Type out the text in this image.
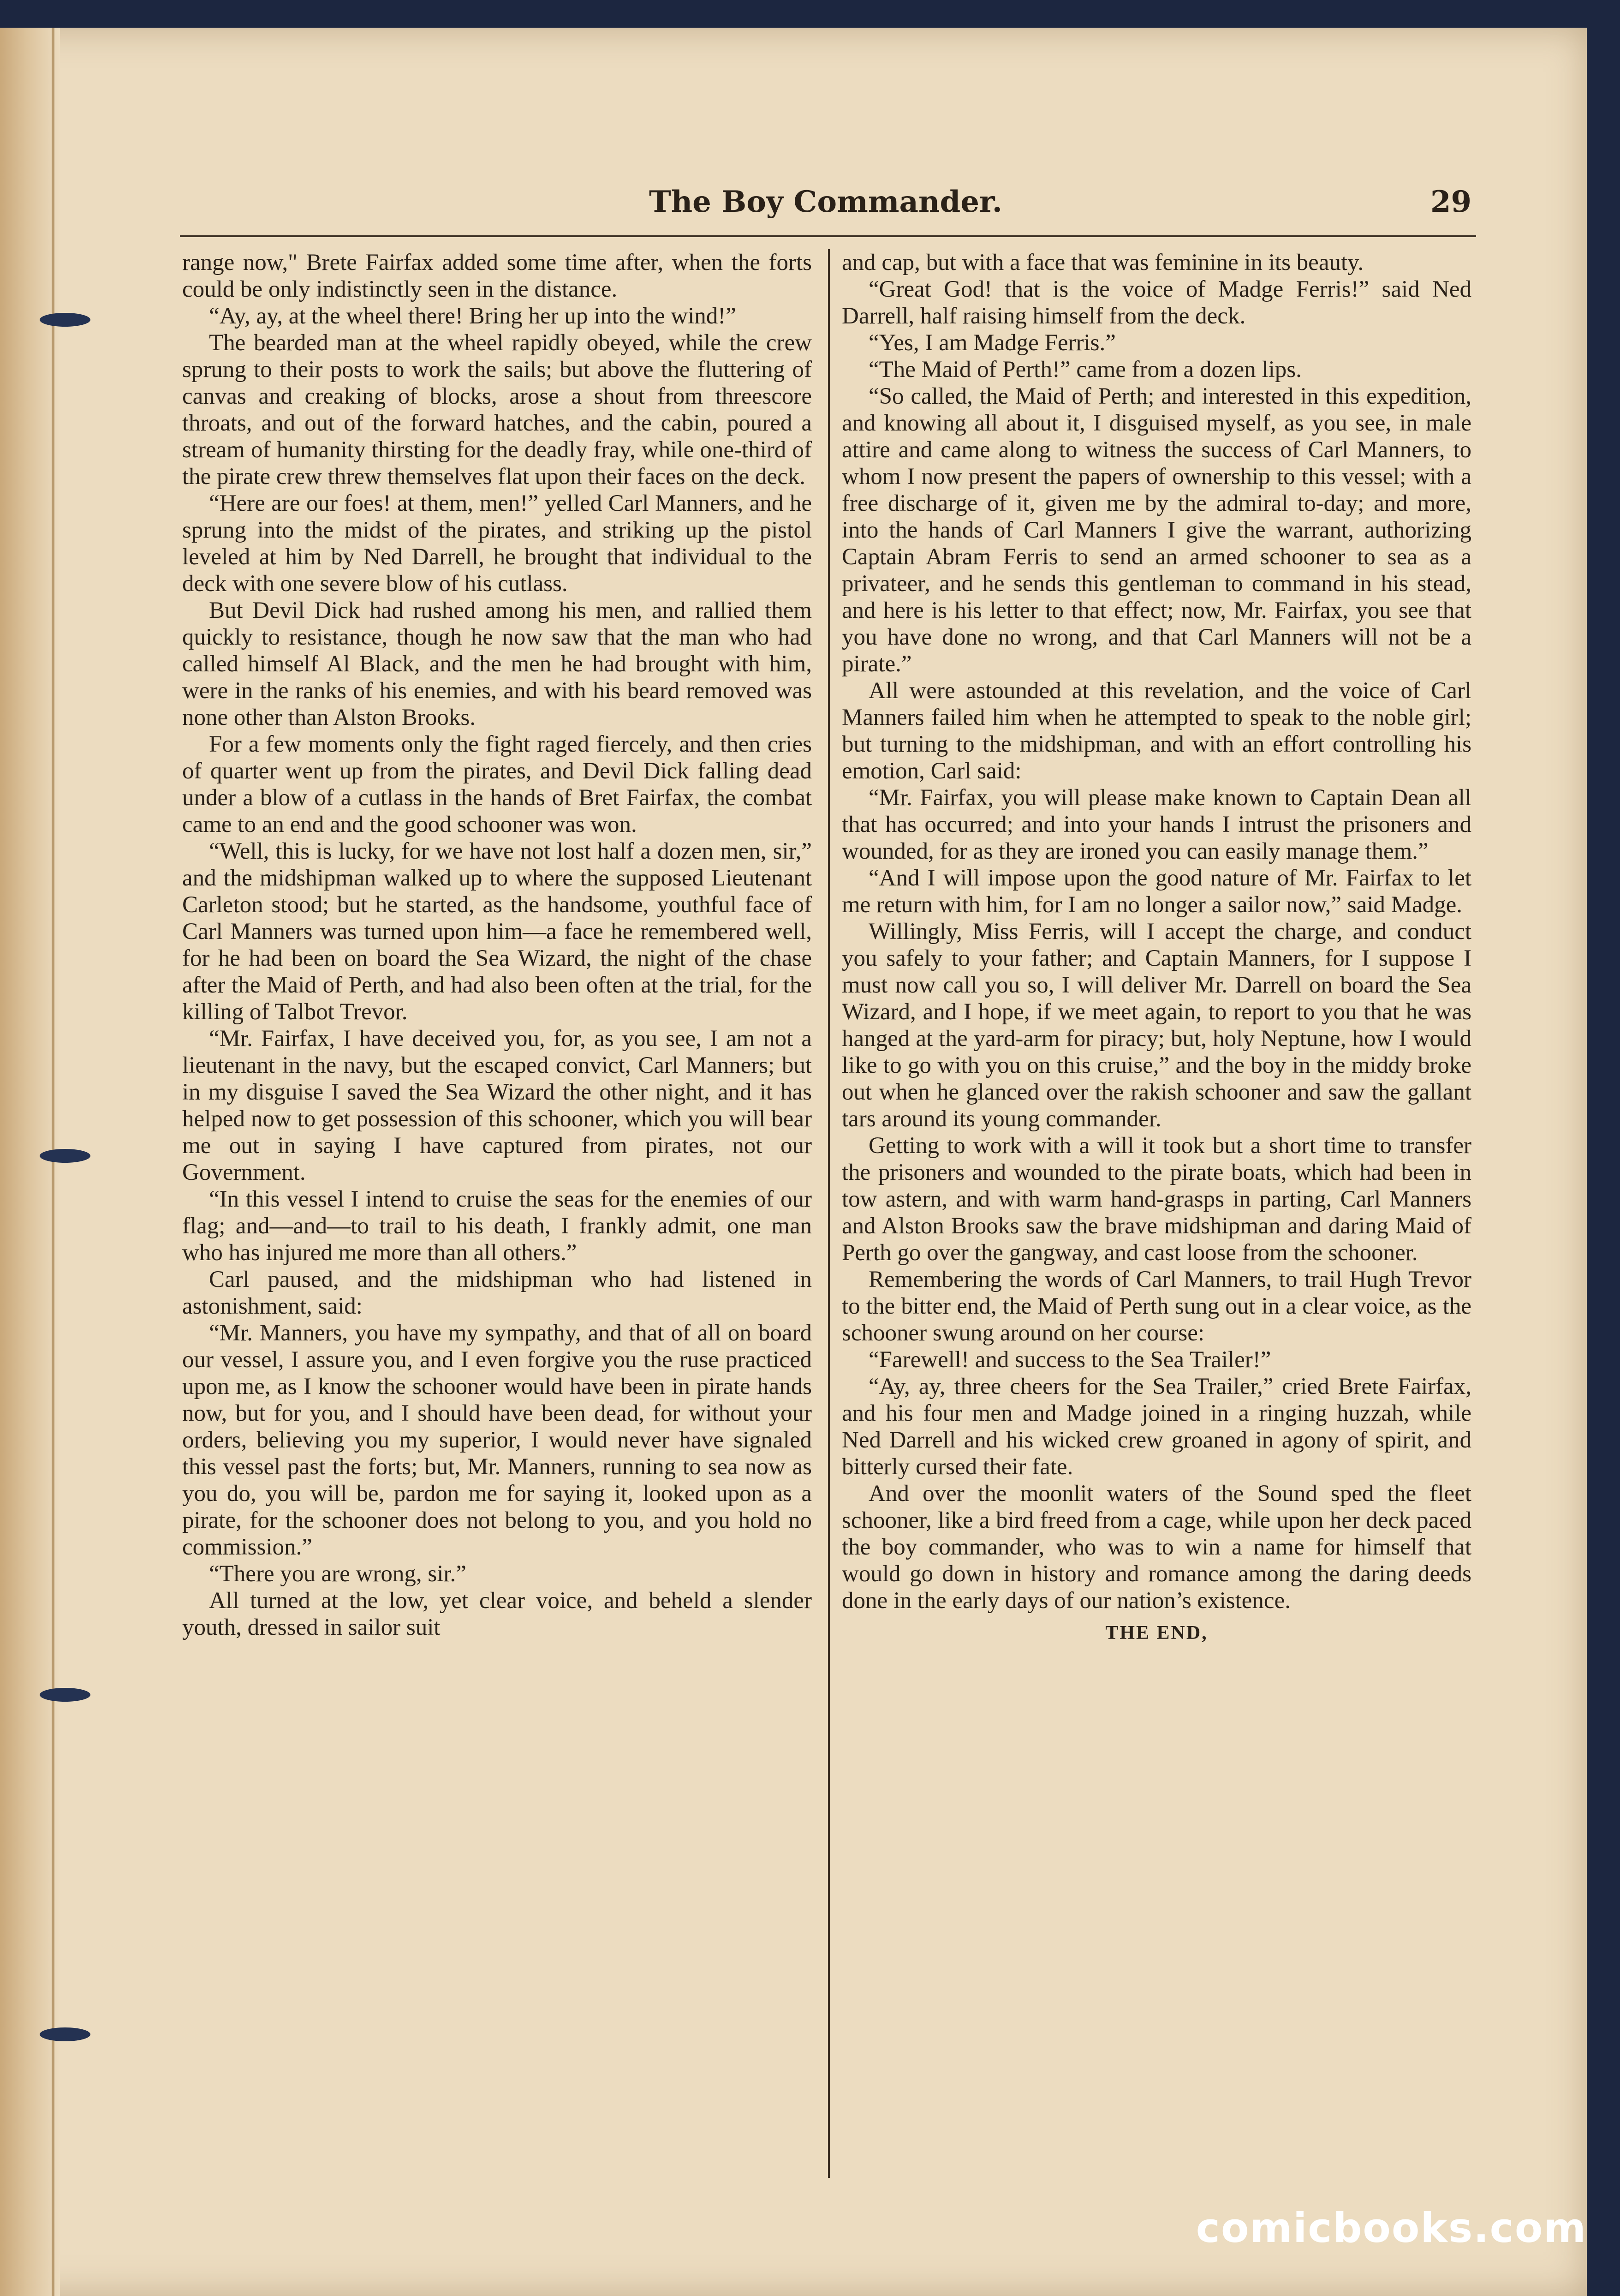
The Boy Commander.	29

range now," Brete Fairfax added some time after, when the forts could be only indistinctly seen in the distance.

“Ay, ay, at the wheel there! Bring her up into the wind!”

The bearded man at the wheel rapidly obeyed, while the crew sprung to their posts to work the sails; but above the fluttering of canvas and creaking of blocks, arose a shout from threescore throats, and out of the forward hatches, and the cabin, poured a stream of humanity thirsting for the deadly fray, while one-third of the pirate crew threw themselves flat upon their faces on the deck.

“Here are our foes! at them, men!” yelled Carl Manners, and he sprung into the midst of the pirates, and striking up the pistol leveled at him by Ned Darrell, he brought that individual to the deck with one severe blow of his cutlass.

But Devil Dick had rushed among his men, and rallied them quickly to resistance, though he now saw that the man who had called himself Al Black, and the men he had brought with him, were in the ranks of his enemies, and with his beard removed was none other than Alston Brooks.

For a few moments only the fight raged fiercely, and then cries of quarter went up from the pirates, and Devil Dick falling dead under a blow of a cutlass in the hands of Bret Fairfax, the combat came to an end and the good schooner was won.

“Well, this is lucky, for we have not lost half a dozen men, sir,” and the midshipman walked up to where the supposed Lieutenant Carleton stood; but he started, as the handsome, youthful face of Carl Manners was turned upon him—a face he remembered well, for he had been on board the Sea Wizard, the night of the chase after the Maid of Perth, and had also been often at the trial, for the killing of Talbot Trevor.

“Mr. Fairfax, I have deceived you, for, as you see, I am not a lieutenant in the navy, but the escaped convict, Carl Manners; but in my disguise I saved the Sea Wizard the other night, and it has helped now to get possession of this schooner, which you will bear me out in saying I have captured from pirates, not our Government.

“In this vessel I intend to cruise the seas for the enemies of our flag; and—and—to trail to his death, I frankly admit, one man who has injured me more than all others.”

Carl paused, and the midshipman who had listened in astonishment, said:

“Mr. Manners, you have my sympathy, and that of all on board our vessel, I assure you, and I even forgive you the ruse practiced upon me, as I know the schooner would have been in pirate hands now, but for you, and I should have been dead, for without your orders, believing you my superior, I would never have signaled this vessel past the forts; but, Mr. Manners, running to sea now as you do, you will be, pardon me for saying it, looked upon as a pirate, for the schooner does not belong to you, and you hold no commission.”

“There you are wrong, sir.”

All turned at the low, yet clear voice, and beheld a slender youth, dressed in sailor suit

and cap, but with a face that was feminine in its beauty.

“Great God! that is the voice of Madge Ferris!” said Ned Darrell, half raising himself from the deck.

“Yes, I am Madge Ferris.”

“The Maid of Perth!” came from a dozen lips.

“So called, the Maid of Perth; and interested in this expedition, and knowing all about it, I disguised myself, as you see, in male attire and came along to witness the success of Carl Manners, to whom I now present the papers of ownership to this vessel; with a free discharge of it, given me by the admiral to-day; and more, into the hands of Carl Manners I give the warrant, authorizing Captain Abram Ferris to send an armed schooner to sea as a privateer, and he sends this gentleman to command in his stead, and here is his letter to that effect; now, Mr. Fairfax, you see that you have done no wrong, and that Carl Manners will not be a pirate.”

All were astounded at this revelation, and the voice of Carl Manners failed him when he attempted to speak to the noble girl; but turning to the midshipman, and with an effort controlling his emotion, Carl said:

“Mr. Fairfax, you will please make known to Captain Dean all that has occurred; and into your hands I intrust the prisoners and wounded, for as they are ironed you can easily manage them.”

“And I will impose upon the good nature of Mr. Fairfax to let me return with him, for I am no longer a sailor now,” said Madge.

Willingly, Miss Ferris, will I accept the charge, and conduct you safely to your father; and Captain Manners, for I suppose I must now call you so, I will deliver Mr. Darrell on board the Sea Wizard, and I hope, if we meet again, to report to you that he was hanged at the yard-arm for piracy; but, holy Neptune, how I would like to go with you on this cruise,” and the boy in the middy broke out when he glanced over the rakish schooner and saw the gallant tars around its young commander.

Getting to work with a will it took but a short time to transfer the prisoners and wounded to the pirate boats, which had been in tow astern, and with warm hand-grasps in parting, Carl Manners and Alston Brooks saw the brave midshipman and daring Maid of Perth go over the gangway, and cast loose from the schooner.

Remembering the words of Carl Manners, to trail Hugh Trevor to the bitter end, the Maid of Perth sung out in a clear voice, as the schooner swung around on her course:

“Farewell! and success to the Sea Trailer!”

“Ay, ay, three cheers for the Sea Trailer,” cried Brete Fairfax, and his four men and Madge joined in a ringing huzzah, while Ned Darrell and his wicked crew groaned in agony of spirit, and bitterly cursed their fate.

And over the moonlit waters of the Sound sped the fleet schooner, like a bird freed from a cage, while upon her deck paced the boy commander, who was to win a name for himself that would go down in history and romance among the daring deeds done in the early days of our nation’s existence.

THE END,
comicbooks.com
